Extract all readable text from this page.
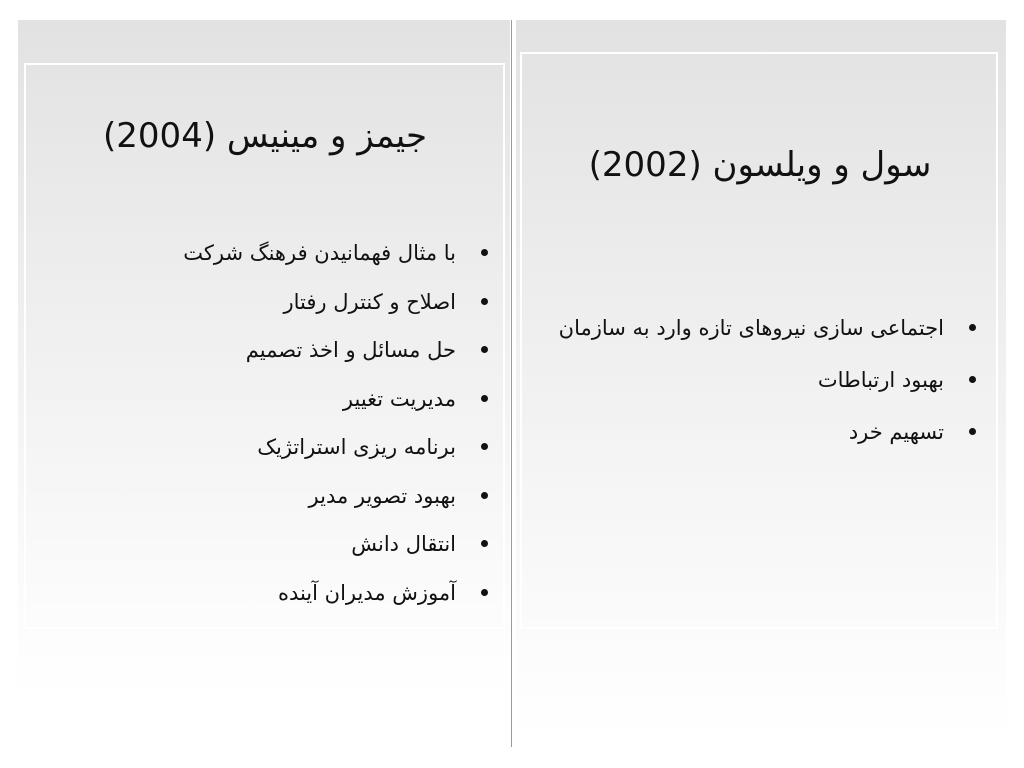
جیمز و مینیس (2004)
سول و ویلسون (2002)
با مثال فهمانیدن فرهنگ شرکت
اصلاح و کنترل رفتار
حل مسائل و اخذ تصمیم
مدیریت تغییر
برنامه ریزی استراتژیک
بهبود تصویر مدیر
انتقال دانش
آموزش مدیران آینده
اجتماعی سازی نیروهای تازه وارد به سازمان
بهبود ارتباطات
تسهیم خرد
